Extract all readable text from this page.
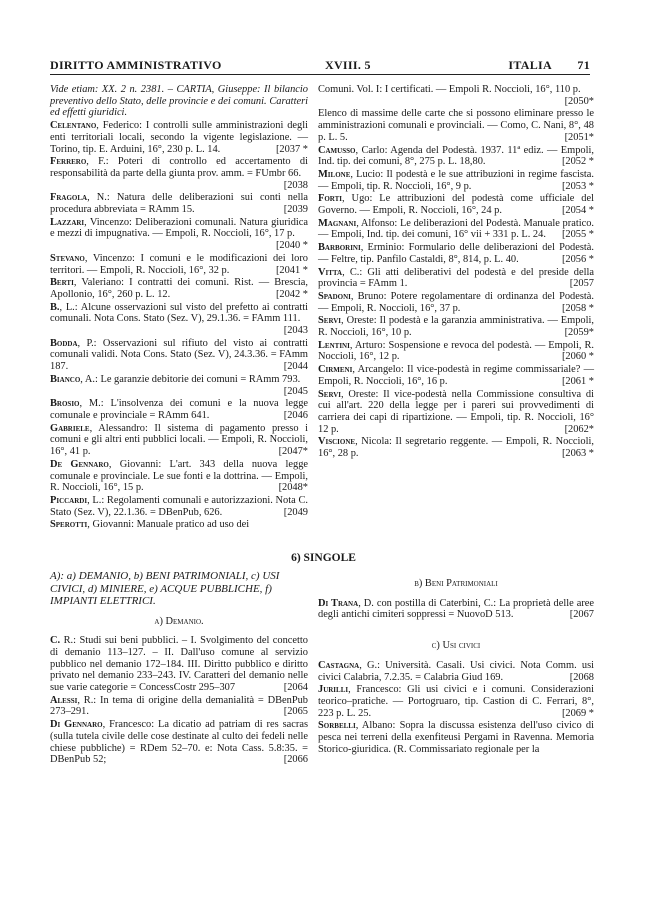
DIRITTO AMMINISTRATIVO	XVIII. 5	ITALIA 71
Vide etiam: XX. 2 n. 2381. – CARTIA, Giuseppe: Il bilancio preventivo dello Stato, delle provincie e dei comuni. Caratteri ed effetti giuridici.
Celentano, Federico: I controlli sulle amministrazioni degli enti territoriali locali, secondo la vigente legislazione. — Torino, tip. E. Arduini, 16°, 230 p. L. 14.	[2037 *
Ferrero, F.: Poteri di controllo ed accertamento di responsabilità da parte della giunta prov. amm. = FUmbr 66.
[2038
Fragola, N.: Natura delle deliberazioni sui conti nella procedura abbreviata = RAmm 15.	[2039
Lazzari, Vincenzo: Deliberazioni comunali. Natura giuridica e mezzi di impugnativa. — Empoli, R. Noccioli, 16°, 17 p.
[2040 *
Stevano, Vincenzo: I comuni e le modificazioni dei loro territori. — Empoli, R. Noccioli, 16°, 32 p.	[2041 *
Berti, Valeriano: I contratti dei comuni. Rist. — Brescia, Apollonio, 16°, 260 p. L. 12.	[2042 *
B., L.: Alcune osservazioni sul visto del prefetto ai contratti comunali. Nota Cons. Stato (Sez. V), 29.1.36. = FAmm 111.
[2043
Bodda, P.: Osservazioni sul rifiuto del visto ai contratti comunali validi. Nota Cons. Stato (Sez. V), 24.3.36. = FAmm 187.	[2044
Bianco, A.: Le garanzie debitorie dei comuni = RAmm 793.
[2045
Brosio, M.: L'insolvenza dei comuni e la nuova legge comunale e provinciale = RAmm 641.	[2046
Gabriele, Alessandro: Il sistema di pagamento presso i comuni e gli altri enti pubblici locali. — Empoli, R. Noccioli, 16°, 41 p.	[2047*
De Gennaro, Giovanni: L'art. 343 della nuova legge comunale e provinciale. Le sue fonti e la dottrina. — Empoli, R. Noccioli, 16°, 15 p.	[2048*
Piccardi, L.: Regolamenti comunali e autorizzazioni. Nota C. Stato (Sez. V), 22.1.36. = DBenPub, 626.	[2049
Sperotti, Giovanni: Manuale pratico ad uso dei
Comuni. Vol. I: I certificati. — Empoli R. Noccioli, 16°, 110 p.
[2050*
Elenco di massime delle carte che si possono eliminare presso le amministrazioni comunali e provinciali. — Como, C. Nani, 8°, 48 p. L. 5.	[2051*
Camusso, Carlo: Agenda del Podestà. 1937. 11ª ediz. — Empoli, Ind. tip. dei comuni, 8°, 275 p. L. 18,80.	[2052 *
Milone, Lucio: Il podestà e le sue attribuzioni in regime fascista. — Empoli, tip. R. Noccioli, 16°, 9 p.	[2053 *
Forti, Ugo: Le attribuzioni del podestà come ufficiale del Governo. — Empoli, R. Noccioli, 16°, 24 p.	[2054 *
Magnani, Alfonso: Le deliberazioni del Podestà. Manuale pratico. — Empoli, Ind. tip. dei comuni, 16° vii + 331 p. L. 24. [2055 *
Barborini, Erminio: Formulario delle deliberazioni del Podestà. — Feltre, tip. Panfilo Castaldi, 8°, 814, p. L. 40.	[2056 *
Vitta, C.: Gli atti deliberativi del podestà e del preside della provincia = FAmm 1.	[2057
Spadoni, Bruno: Potere regolamentare di ordinanza del Podestà. — Empoli, R. Noccioli, 16°, 37 p.	[2058 *
Servi, Oreste: Il podestà e la garanzia amministrativa. — Empoli, R. Noccioli, 16°, 10 p.	[2059*
Lentini, Arturo: Sospensione e revoca del podestà. — Empoli, R. Noccioli, 16°, 12 p.	[2060 *
Cirmeni, Arcangelo: Il vice-podestà in regime commissariale? — Empoli, R. Noccioli, 16°, 16 p.	[2061 *
Servi, Oreste: Il vice-podestà nella Commissione consultiva di cui all'art. 220 della legge per i pareri sui provvedimenti di carriera dei capi di ripartizione. — Empoli, tip. R. Noccioli, 16° 12 p.	[2062*
Viscione, Nicola: Il segretario reggente. — Empoli, R. Noccioli, 16°, 28 p.	[2063 *
6) SINGOLE
A): a) DEMANIO, b) BENI PATRIMONIALI, c) USI CIVICI, d) MINIERE, e) ACQUE PUBBLICHE, f) IMPIANTI ELETTRICI.
a) Demanio.
C. R.: Studi sui beni pubblici. – I. Svolgimento del concetto di demanio 113–127. – II. Dall'uso comune al servizio pubblico nel demanio 172–184. III. Diritto pubblico e diritto privato nel demanio 233–243. IV. Caratteri del demanio nelle sue varie categorie = ConcessCostr 295–307	[2064
Alessi, R.: In tema di origine della demanialità = DBenPub 273–291.	[2065
Di Gennaro, Francesco: La dicatio ad patriam di res sacras (sulla tutela civile delle cose destinate al culto dei fedeli nelle chiese pubbliche) = RDem 52–70. e: Nota Cass. 5.8:35. = DBenPub 52;	[2066
b) Beni Patrimoniali
Di Trana, D. con postilla di Caterbini, C.: La proprietà delle aree degli antichi cimiteri soppressi = NuovoD 513.	[2067
c) Usi civici
Castagna, G.: Università. Casali. Usi civici. Nota Comm. usi civici Calabria, 7.2.35. = Calabria Giud 169.	[2068
Jurilli, Francesco: Gli usi civici e i comuni. Considerazioni teorico–pratiche. — Portogruaro, tip. Castion di C. Ferrari, 8°, 223 p. L. 25.	[2069 *
Sorbelli, Albano: Sopra la discussa esistenza dell'uso civico di pesca nei terreni della exenfiteusi Pergami in Ravenna. Memoria Storico-giuridica. (R. Commissariato regionale per la
